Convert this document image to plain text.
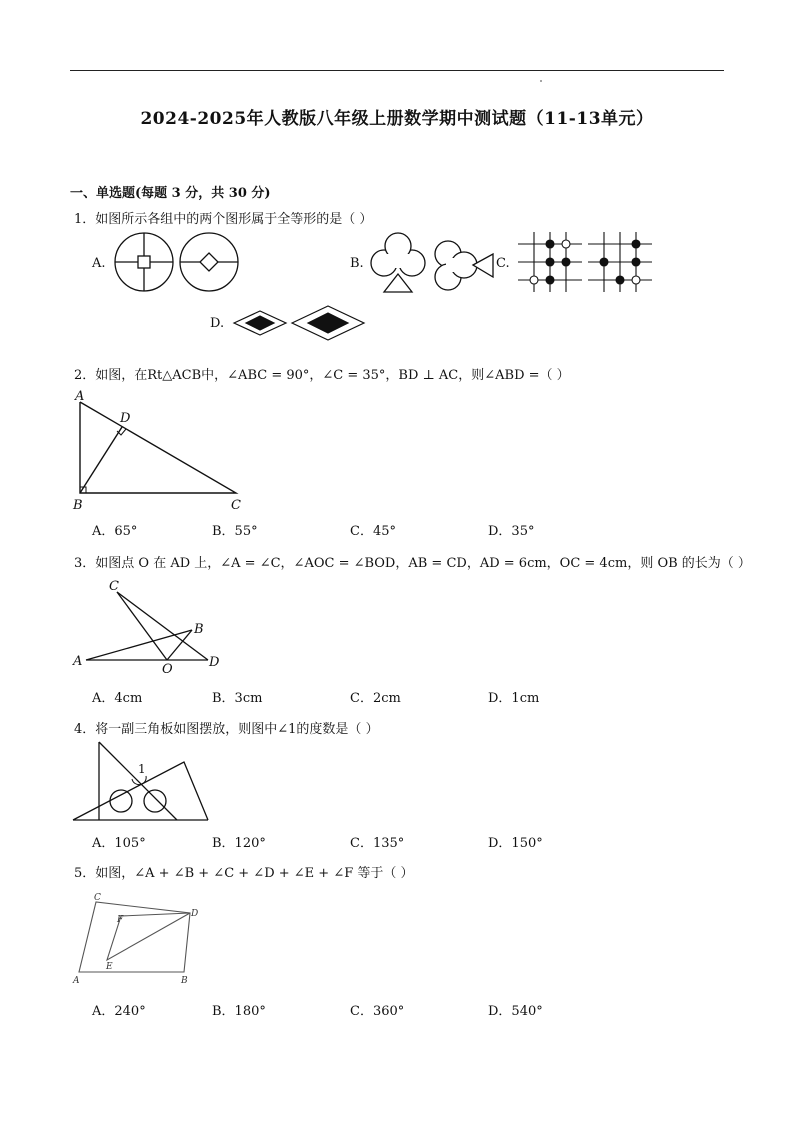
2024-2025年人教版八年级上册数学期中测试题（11-13单元）
一、单选题(每题 3 分，共 30 分)
1．如图所示各组中的两个图形属于全等形的是（ ）
A.	B.	C.
D.
2．如图，在Rt△ACB中，∠ABC = 90°，∠C = 35°，BD ⊥ AC，则∠ABD =（ ）
A
D
B	C
A．65°	B．55°	C．45°	D．35°
3．如图点 O 在 AD 上，∠A = ∠C，∠AOC = ∠BOD，AB = CD，AD = 6cm，OC = 4cm，则 OB 的长为（ ）
C
B
A
O	D
A．4cm	B．3cm	C．2cm	D．1cm
4．将一副三角板如图摆放，则图中∠1的度数是（ ）
1
A．105°	B．120°	C．135°	D．150°
5．如图，∠A + ∠B + ∠C + ∠D + ∠E + ∠F 等于（ ）
C
D
F
E
A	B
A．240°	B．180°	C．360°	D．540°
